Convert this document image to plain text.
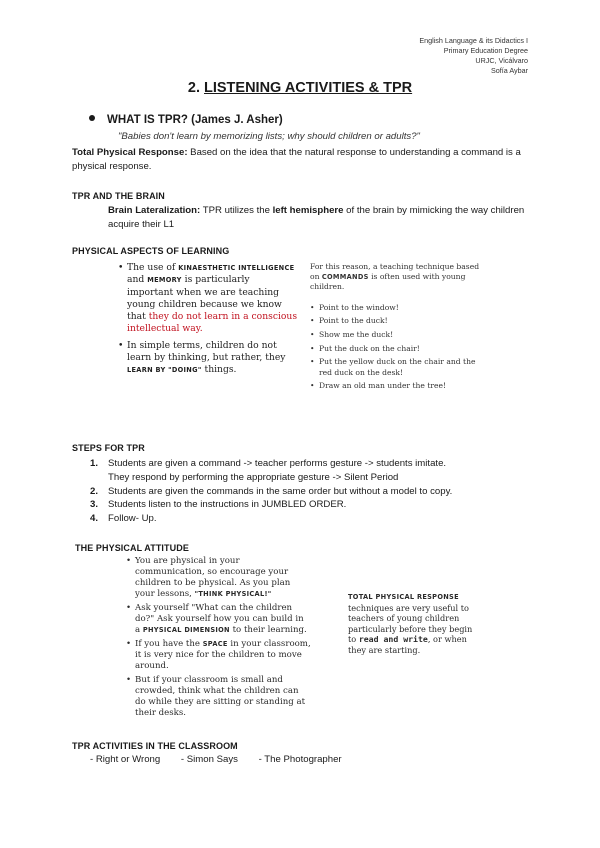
English Language & its Didactics I
Primary Education Degree
URJC, Vicálvaro
Sofía Aybar
2. LISTENING ACTIVITIES & TPR
WHAT IS TPR? (James J. Asher)
"Babies don't learn by memorizing lists; why should children or adults?"
Total Physical Response: Based on the idea that the natural response to understanding a command is a physical response.
TPR AND THE BRAIN
Brain Lateralization: TPR utilizes the left hemisphere of the brain by mimicking the way children acquire their L1
PHYSICAL ASPECTS OF LEARNING
• The use of KINAESTHETIC INTELLIGENCE and MEMORY is particularly important when we are teaching young children because we know that they do not learn in a conscious intellectual way.
• In simple terms, children do not learn by thinking, but rather, they LEARN BY "DOING" things.
For this reason, a teaching technique based on COMMANDS is often used with young children.
• Point to the window!
• Point to the duck!
• Show me the duck!
• Put the duck on the chair!
• Put the yellow duck on the chair and the red duck on the desk!
• Draw an old man under the tree!
STEPS FOR TPR
1. Students are given a command -> teacher performs gesture -> students imitate.
They respond by performing the appropriate gesture -> Silent Period
2. Students are given the commands in the same order but without a model to copy.
3. Students listen to the instructions in JUMBLED ORDER.
4. Follow- Up.
THE PHYSICAL ATTITUDE
• You are physical in your communication, so encourage your children to be physical. As you plan your lessons, "THINK PHYSICAL!"
• Ask yourself "What can the children do?" Ask yourself how you can build in a PHYSICAL DIMENSION to their learning.
• If you have the SPACE in your classroom, it is very nice for the children to move around.
• But if your classroom is small and crowded, think what the children can do while they are sitting or standing at their desks.
TOTAL PHYSICAL RESPONSE techniques are very useful to teachers of young children particularly before they begin to read and write, or when they are starting.
TPR ACTIVITIES IN THE CLASSROOM
- Right or Wrong - Simon Says - The Photographer
